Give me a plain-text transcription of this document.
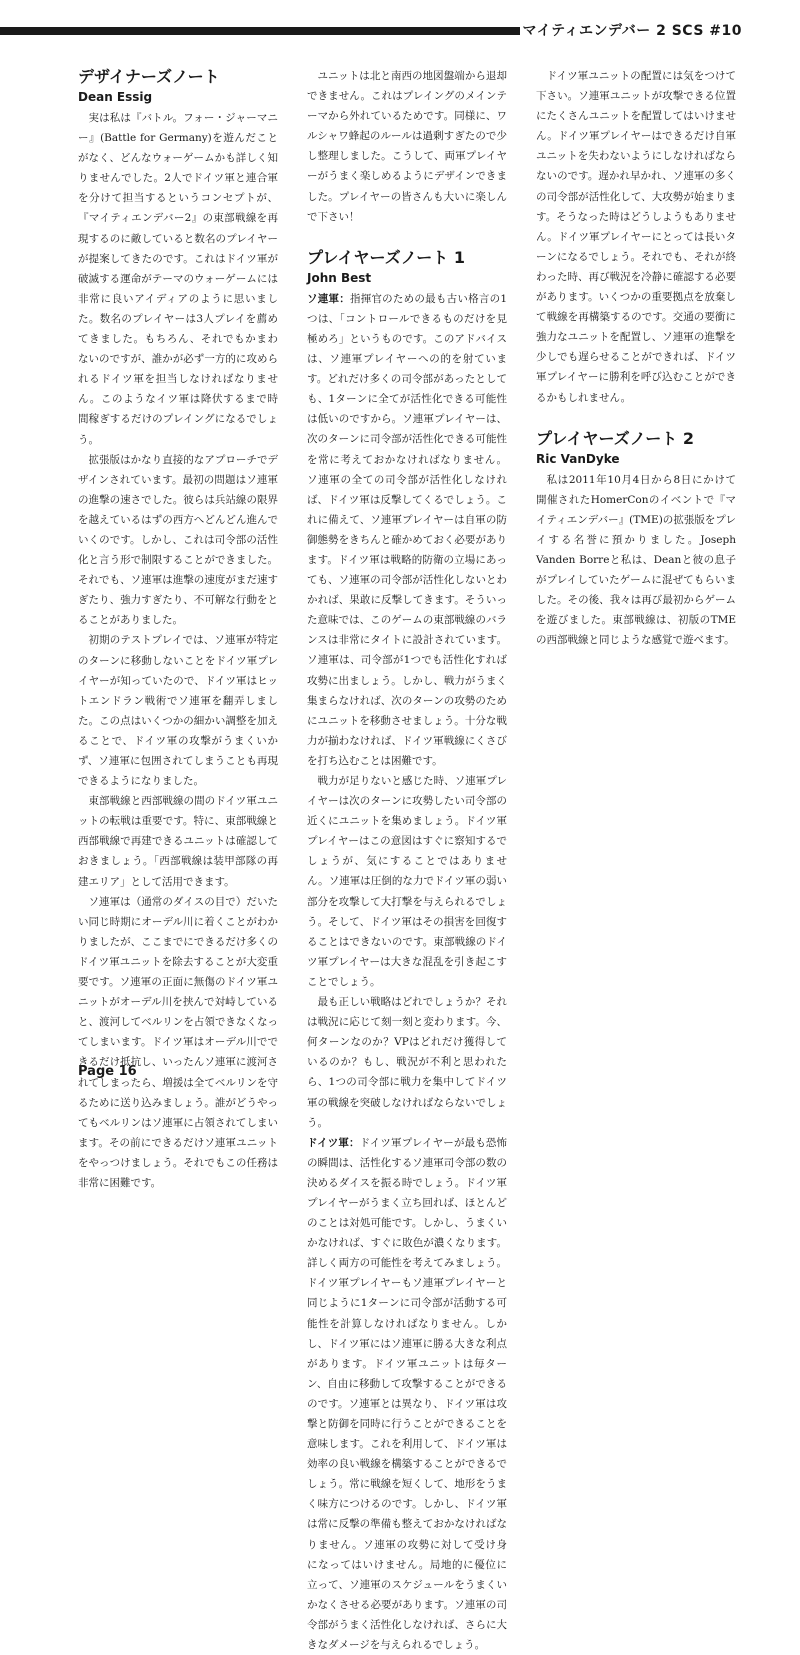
マイティエンデバー 2 SCS #10
デザイナーズノート
Dean Essig

実は私は『バトル。フォー・ジャーマニー』(Battle for Germany)を遊んだことがなく、どんなウォーゲームかも詳しく知りませんでした。2人でドイツ軍と連合軍を分けて担当するというコンセプトが、『マイティエンデバー2』の東部戦線を再現するのに敵していると数名のプレイヤーが提案してきたのです。これはドイツ軍が破滅する運命がテーマのウォーゲームには非常に良いアイディアのように思いました。数名のプレイヤーは3人プレイを薦めてきました。もちろん、それでもかまわないのですが、誰かが必ず一方的に攻められるドイツ軍を担当しなければなりません。このようなイツ軍は降伏するまで時間稼ぎするだけのプレイングになるでしょう。

拡張版はかなり直接的なアプローチでデザインされています。最初の問題はソ連軍の進撃の速さでした。彼らは兵站線の限界を越えているはずの西方へどんどん進んでいくのです。しかし、これは司令部の活性化と言う形で制限することができました。それでも、ソ連軍は進撃の速度がまだ速すぎたり、強力すぎたり、不可解な行動をとることがありました。

初期のテストプレイでは、ソ連軍が特定のターンに移動しないことをドイツ軍プレイヤーが知っていたので、ドイツ軍はヒットエンドラン戦術でソ連軍を翻弄しました。この点はいくつかの細かい調整を加えることで、ドイツ軍の攻撃がうまくいかず、ソ連軍に包囲されてしまうことも再現できるようになりました。

東部戦線と西部戦線の間のドイツ軍ユニットの転戦は重要です。特に、東部戦線と西部戦線で再建できるユニットは確認しておきましょう。「西部戦線は装甲部隊の再建エリア」として活用できます。

ソ連軍は（通常のダイスの目で）だいたい同じ時期にオーデル川に着くことがわかりましたが、ここまでにできるだけ多くのドイツ軍ユニットを除去することが大変重要です。ソ連軍の正面に無傷のドイツ軍ユニットがオーデル川を挟んで対峙していると、渡河してベルリンを占領できなくなってしまいます。ドイツ軍はオーデル川でできるだけ抵抗し、いったんソ連軍に渡河されてしまったら、増援は全てベルリンを守るために送り込みましょう。誰がどうやってもベルリンはソ連軍に占領されてしまいます。その前にできるだけソ連軍ユニットをやっつけましょう。それでもこの任務は非常に困難です。

ユニットは北と南西の地図盤端から退却できません。これはプレイングのメインテーマから外れているためです。同様に、ワルシャワ蜂起のルールは過剰すぎたので少し整理しました。こうして、両軍プレイヤーがうまく楽しめるようにデザインできました。プレイヤーの皆さんも大いに楽しんで下さい！

プレイヤーズノート 1
John Best

ソ連軍：指揮官のための最も古い格言の1つは、「コントロールできるものだけを見極めろ」というものです。このアドバイスは、ソ連軍プレイヤーへの的を射ています。どれだけ多くの司令部があったとしても、1ターンに全てが活性化できる可能性は低いのですから。ソ連軍プレイヤーは、次のターンに司令部が活性化できる可能性を常に考えておかなければなりません。ソ連軍の全ての司令部が活性化しなければ、ドイツ軍は反撃してくるでしょう。これに備えて、ソ連軍プレイヤーは自軍の防御態勢をきちんと確かめておく必要があります。ドイツ軍は戦略的防衛の立場にあっても、ソ連軍の司令部が活性化しないとわかれば、果敢に反撃してきます。そういった意味では、このゲームの東部戦線のバランスは非常にタイトに設計されています。ソ連軍は、司令部が1つでも活性化すれば攻勢に出ましょう。しかし、戦力がうまく集まらなければ、次のターンの攻勢のためにユニットを移動させましょう。十分な戦力が揃わなければ、ドイツ軍戦線にくさびを打ち込むことは困難です。

戦力が足りないと感じた時、ソ連軍プレイヤーは次のターンに攻勢したい司令部の近くにユニットを集めましょう。ドイツ軍プレイヤーはこの意図はすぐに察知するでしょうが、気にすることではありません。ソ連軍は圧倒的な力でドイツ軍の弱い部分を攻撃して大打撃を与えられるでしょう。そして、ドイツ軍はその損害を回復することはできないのです。東部戦線のドイツ軍プレイヤーは大きな混乱を引き起こすことでしょう。

最も正しい戦略はどれでしょうか？それは戦況に応じて刻一刻と変わります。今、何ターンなのか？VPはどれだけ獲得しているのか？もし、戦況が不利と思われたら、1つの司令部に戦力を集中してドイツ軍の戦線を突破しなければならないでしょう。

ドイツ軍：ドイツ軍プレイヤーが最も恐怖の瞬間は、活性化するソ連軍司令部の数の決めるダイスを振る時でしょう。ドイツ軍プレイヤーがうまく立ち回れば、ほとんどのことは対処可能です。しかし、うまくいかなければ、すぐに敗色が濃くなります。詳しく両方の可能性を考えてみましょう。ドイツ軍プレイヤーもソ連軍プレイヤーと同じように1ターンに司令部が活動する可能性を計算しなければなりません。しかし、ドイツ軍にはソ連軍に勝る大きな利点があります。ドイツ軍ユニットは毎ターン、自由に移動して攻撃することができるのです。ソ連軍とは異なり、ドイツ軍は攻撃と防御を同時に行うことができることを意味します。これを利用して、ドイツ軍は効率の良い戦線を構築することができるでしょう。常に戦線を短くして、地形をうまく味方につけるのです。しかし、ドイツ軍は常に反撃の準備も整えておかなければなりません。ソ連軍の攻勢に対して受け身になってはいけません。局地的に優位に立って、ソ連軍のスケジュールをうまくいかなくさせる必要があります。ソ連軍の司令部がうまく活性化しなければ、さらに大きなダメージを与えられるでしょう。

ドイツ軍ユニットの配置には気をつけて下さい。ソ連軍ユニットが攻撃できる位置にたくさんユニットを配置してはいけません。ドイツ軍プレイヤーはできるだけ自軍ユニットを失わないようにしなければならないのです。遅かれ早かれ、ソ連軍の多くの司令部が活性化して、大攻勢が始まります。そうなった時はどうしようもありません。ドイツ軍プレイヤーにとっては長いターンになるでしょう。それでも、それが終わった時、再び戦況を冷静に確認する必要があります。いくつかの重要拠点を放棄して戦線を再構築するのです。交通の要衝に強力なユニットを配置し、ソ連軍の進撃を少しでも遅らせることができれば、ドイツ軍プレイヤーに勝利を呼び込むことができるかもしれません。

プレイヤーズノート 2
Ric VanDyke

私は2011年10月4日から8日にかけて開催されたHomerConのイベントで『マイティエンデバー』(TME)の拡張版をプレイする名誉に預かりました。Joseph Vanden Borreと私は、Deanと彼の息子がプレイしていたゲームに混ぜてもらいました。その後、我々は再び最初からゲームを遊びました。東部戦線は、初版のTMEの西部戦線と同じような感覚で遊べます。

Page 16
